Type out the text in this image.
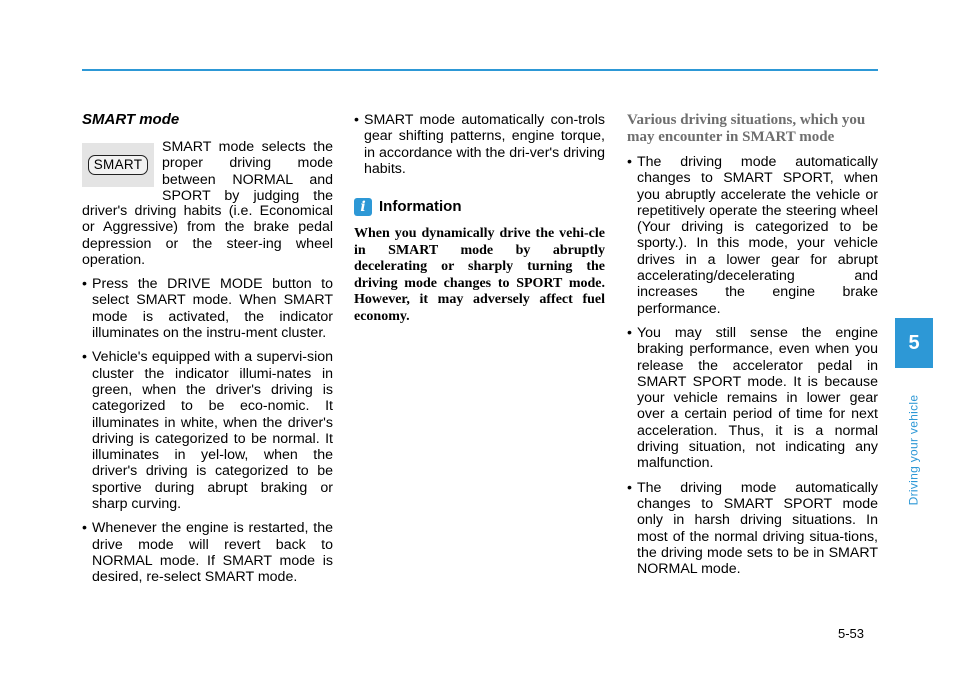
SMART mode
SMART
SMART mode selects the
proper driving mode
between NORMAL and
SPORT by judging the

driver's driving habits (i.e. Economical or Aggressive) from the brake pedal depression or the steer-ing wheel operation.

• Press the DRIVE MODE button to select SMART mode. When SMART mode is activated, the indicator illuminates on the instru-ment cluster.
• Vehicle's equipped with a supervi-sion cluster the indicator illumi-nates in green, when the driver's driving is categorized to be eco-nomic. It illuminates in white, when the driver's driving is categorized to be normal. It illuminates in yel-low, when the driver's driving is categorized to be sportive during abrupt braking or sharp curving.
• Whenever the engine is restarted, the drive mode will revert back to NORMAL mode. If SMART mode is desired, re-select SMART mode.
• SMART mode automatically con-trols gear shifting patterns, engine torque, in accordance with the dri-ver's driving habits.
i Information

When you dynamically drive the vehi-cle in SMART mode by abruptly decelerating or sharply turning the driving mode changes to SPORT mode. However, it may adversely affect fuel economy.

Various driving situations, which you may encounter in SMART mode

• The driving mode automatically changes to SMART SPORT, when you abruptly accelerate the vehicle or repetitively operate the steering wheel (Your driving is categorized to be sporty.). In this mode, your vehicle drives in a lower gear for abrupt accelerating/decelerating and increases the engine brake performance.
• You may still sense the engine braking performance, even when you release the accelerator pedal in SMART SPORT mode. It is because your vehicle remains in lower gear over a certain period of time for next acceleration. Thus, it is a normal driving situation, not indicating any malfunction.
• The driving mode automatically changes to SMART SPORT mode only in harsh driving situations. In most of the normal driving situa-tions, the driving mode sets to be in SMART NORMAL mode.
5
Driving your vehicle
5-53
